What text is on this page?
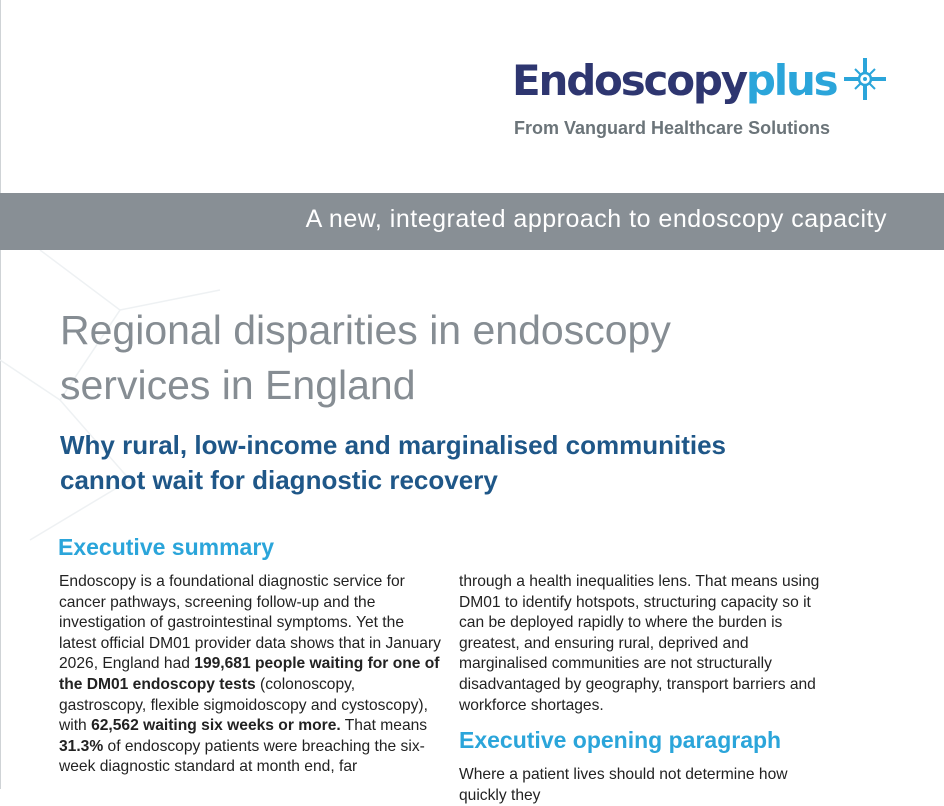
Endoscopyplus
From Vanguard Healthcare Solutions
A new, integrated approach to endoscopy capacity
Regional disparities in endoscopy
services in England
Why rural, low-income and marginalised communities
cannot wait for diagnostic recovery
Executive summary

Endoscopy is a foundational diagnostic service for cancer pathways, screening follow-up and the investigation of gastrointestinal symptoms. Yet the latest official DM01 provider data shows that in January 2026, England had 199,681 people waiting for one of the DM01 endoscopy tests (colonoscopy, gastroscopy, flexible sigmoidoscopy and cystoscopy), with 62,562 waiting six weeks or more. That means 31.3% of endoscopy patients were breaching the six-week diagnostic standard at month end, far

through a health inequalities lens. That means using DM01 to identify hotspots, structuring capacity so it can be deployed rapidly to where the burden is greatest, and ensuring rural, deprived and marginalised communities are not structurally disadvantaged by geography, transport barriers and workforce shortages.

Executive opening paragraph

Where a patient lives should not determine how quickly they
